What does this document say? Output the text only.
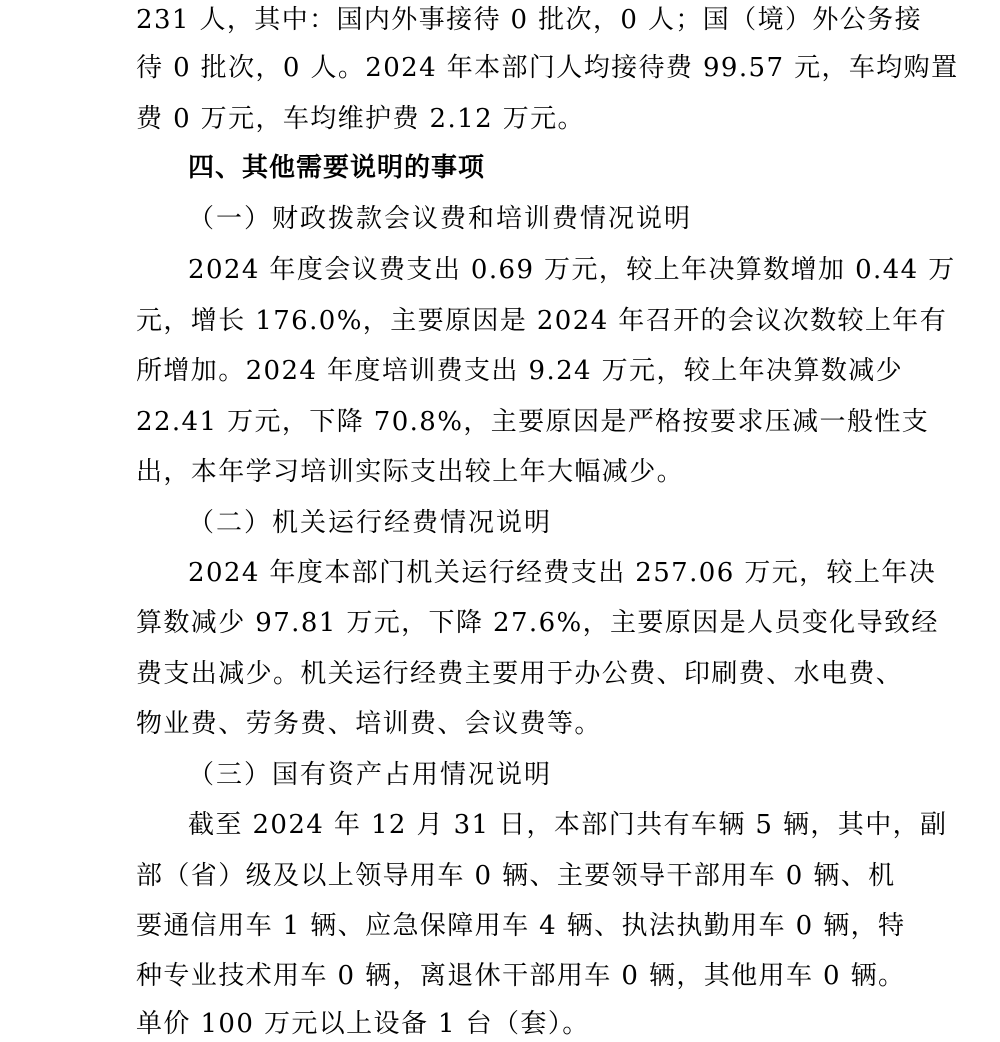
231 人，其中：国内外事接待 0 批次，0 人；国（境）外公务接
待 0 批次，0 人。2024 年本部门人均接待费 99.57 元，车均购置
费 0 万元，车均维护费 2.12 万元。
四、其他需要说明的事项
（一）财政拨款会议费和培训费情况说明
2024 年度会议费支出 0.69 万元，较上年决算数增加 0.44 万
元，增长 176.0%，主要原因是 2024 年召开的会议次数较上年有
所增加。2024 年度培训费支出 9.24 万元，较上年决算数减少
22.41 万元，下降 70.8%，主要原因是严格按要求压减一般性支
出，本年学习培训实际支出较上年大幅减少。
（二）机关运行经费情况说明
2024 年度本部门机关运行经费支出 257.06 万元，较上年决
算数减少 97.81 万元，下降 27.6%，主要原因是人员变化导致经
费支出减少。机关运行经费主要用于办公费、印刷费、水电费、
物业费、劳务费、培训费、会议费等。
（三）国有资产占用情况说明
截至 2024 年 12 月 31 日，本部门共有车辆 5 辆，其中，副
部（省）级及以上领导用车 0 辆、主要领导干部用车 0 辆、机
要通信用车 1 辆、应急保障用车 4 辆、执法执勤用车 0 辆，特
种专业技术用车 0 辆，离退休干部用车 0 辆，其他用车 0 辆。
单价 100 万元以上设备 1 台（套）。
